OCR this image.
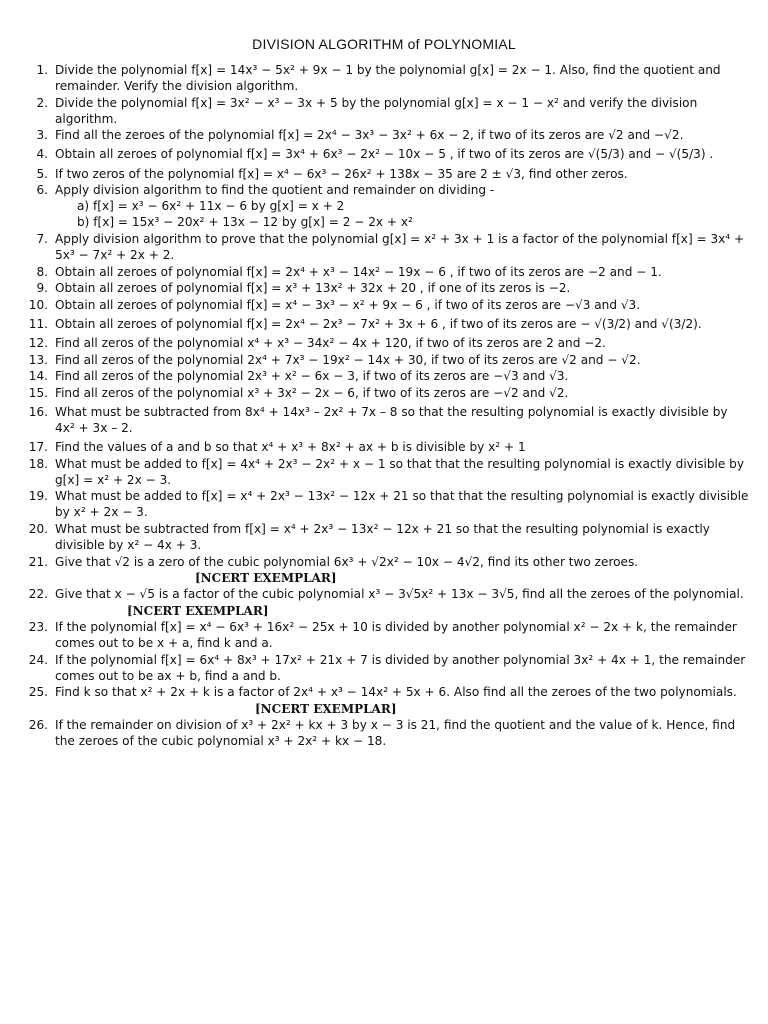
DIVISION ALGORITHM of POLYNOMIAL
1. Divide the polynomial f[x] = 14x³ − 5x² + 9x − 1 by the polynomial g[x] = 2x − 1. Also, find the quotient and remainder. Verify the division algorithm.
2. Divide the polynomial f[x] = 3x² − x³ − 3x + 5 by the polynomial g[x] = x − 1 − x² and verify the division algorithm.
3. Find all the zeroes of the polynomial f[x] = 2x⁴ − 3x³ − 3x² + 6x − 2, if two of its zeros are √2 and −√2.
4. Obtain all zeroes of polynomial f[x] = 3x⁴ + 6x³ − 2x² − 10x − 5 , if two of its zeros are √(5/3) and − √(5/3) .
5. If two zeros of the polynomial f[x] = x⁴ − 6x³ − 26x² + 138x − 35 are 2 ± √3, find other zeros.
6. Apply division algorithm to find the quotient and remainder on dividing -
a) f[x] = x³ − 6x² + 11x − 6 by g[x] = x + 2
b) f[x] = 15x³ − 20x² + 13x − 12 by g[x] = 2 − 2x + x²
7. Apply division algorithm to prove that the polynomial g[x] = x² + 3x + 1 is a factor of the polynomial f[x] = 3x⁴ + 5x³ − 7x² + 2x + 2.
8. Obtain all zeroes of polynomial f[x] = 2x⁴ + x³ − 14x² − 19x − 6 , if two of its zeros are −2 and − 1.
9. Obtain all zeroes of polynomial f[x] = x³ + 13x² + 32x + 20 , if one of its zeros is −2.
10. Obtain all zeroes of polynomial f[x] = x⁴ − 3x³ − x² + 9x − 6 , if two of its zeros are −√3 and √3.
11. Obtain all zeroes of polynomial f[x] = 2x⁴ − 2x³ − 7x² + 3x + 6 , if two of its zeros are − √(3/2) and √(3/2).
12. Find all zeros of the polynomial x⁴ + x³ − 34x² − 4x + 120, if two of its zeros are 2 and −2.
13. Find all zeros of the polynomial 2x⁴ + 7x³ − 19x² − 14x + 30, if two of its zeros are √2 and − √2.
14. Find all zeros of the polynomial 2x³ + x² − 6x − 3, if two of its zeros are −√3 and √3.
15. Find all zeros of the polynomial x³ + 3x² − 2x − 6, if two of its zeros are −√2 and √2.
16. What must be subtracted from 8x⁴ + 14x³ – 2x² + 7x – 8 so that the resulting polynomial is exactly divisible by 4x² + 3x – 2.
17. Find the values of a and b so that x⁴ + x³ + 8x² + ax + b is divisible by x² + 1
18. What must be added to f[x] = 4x⁴ + 2x³ − 2x² + x − 1 so that that the resulting polynomial is exactly divisible by g[x] = x² + 2x − 3.
19. What must be added to f[x] = x⁴ + 2x³ − 13x² − 12x + 21 so that that the resulting polynomial is exactly divisible by x² + 2x − 3.
20. What must be subtracted from f[x] = x⁴ + 2x³ − 13x² − 12x + 21 so that the resulting polynomial is exactly divisible by x² − 4x + 3.
21. Give that √2 is a zero of the cubic polynomial 6x³ + √2x² − 10x − 4√2, find its other two zeroes.
[NCERT EXEMPLAR]
22. Give that x − √5 is a factor of the cubic polynomial x³ − 3√5x² + 13x − 3√5, find all the zeroes of the polynomial.[NCERT EXEMPLAR]
23. If the polynomial f[x] = x⁴ − 6x³ + 16x² − 25x + 10 is divided by another polynomial x² − 2x + k, the remainder comes out to be x + a, find k and a.
24. If the polynomial f[x] = 6x⁴ + 8x³ + 17x² + 21x + 7 is divided by another polynomial 3x² + 4x + 1, the remainder comes out to be ax + b, find a and b.
25. Find k so that x² + 2x + k is a factor of 2x⁴ + x³ − 14x² + 5x + 6. Also find all the zeroes of the two polynomials.[NCERT EXEMPLAR]
26. If the remainder on division of x³ + 2x² + kx + 3 by x − 3 is 21, find the quotient and the value of k. Hence, find the zeroes of the cubic polynomial x³ + 2x² + kx − 18.
